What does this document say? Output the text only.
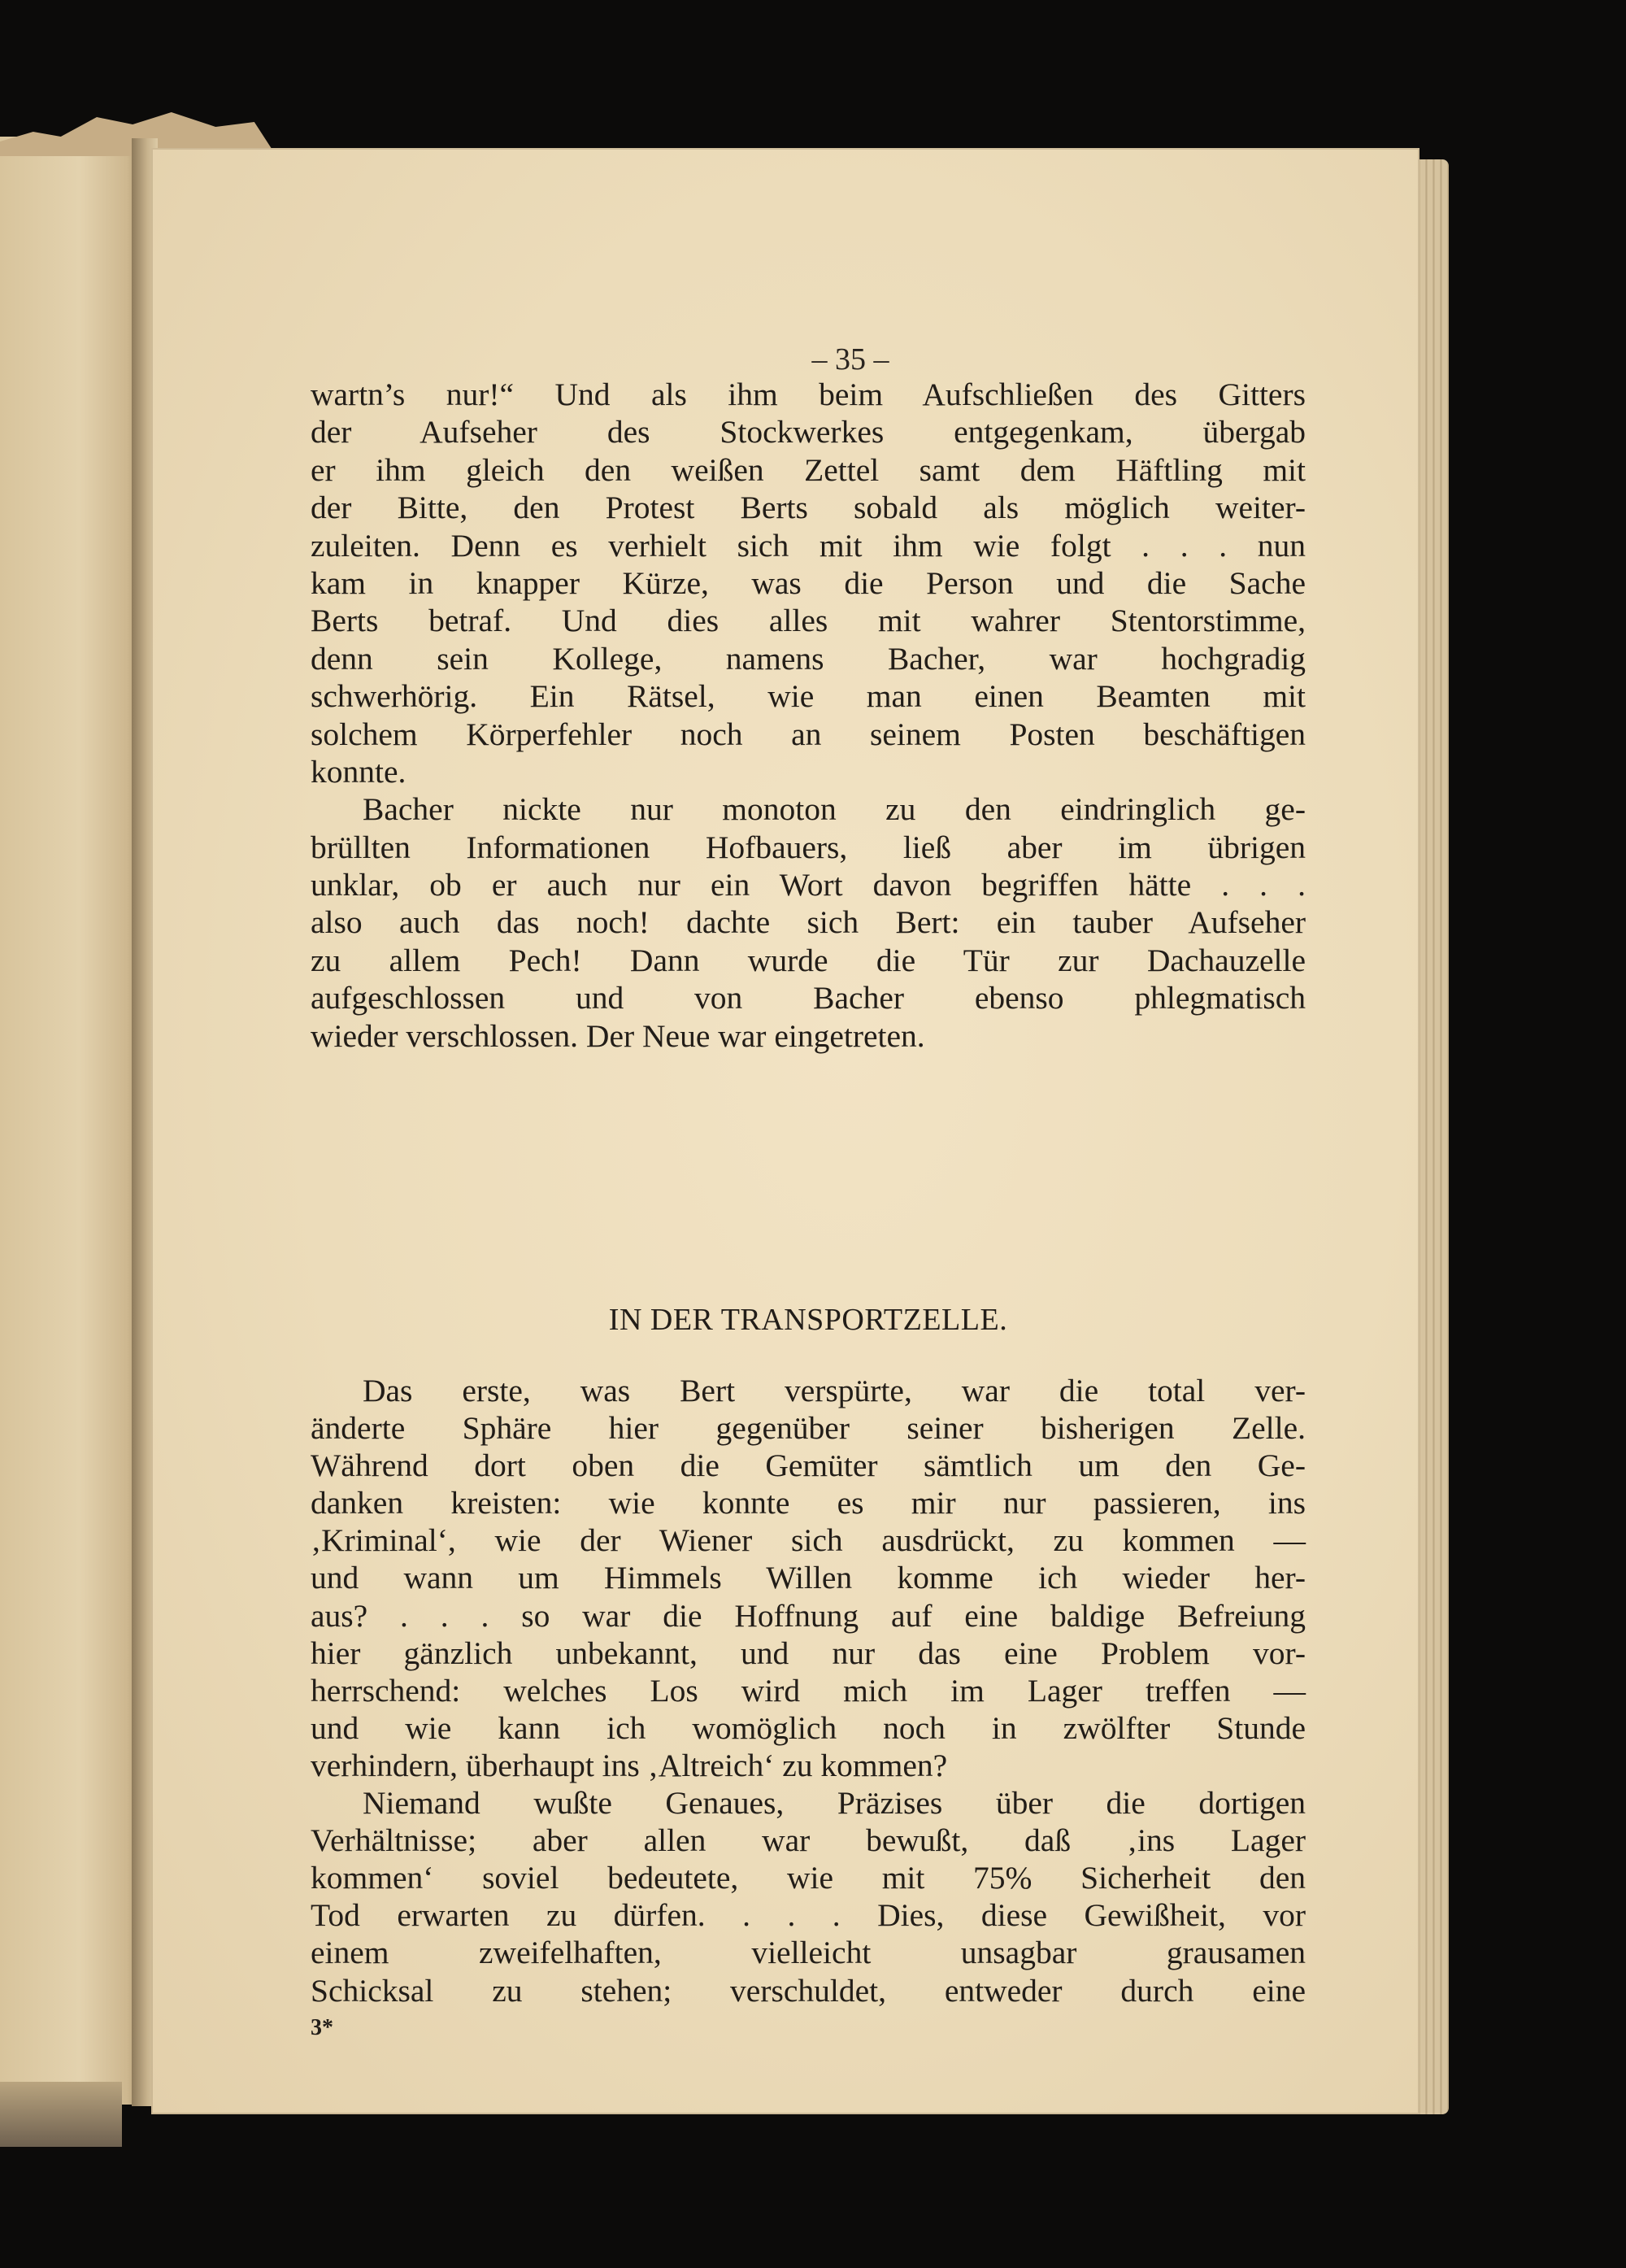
– 35 –
wartn’s nur!“ Und als ihm beim Aufschließen des Gitters
der Aufseher des Stockwerkes entgegenkam, übergab
er ihm gleich den weißen Zettel samt dem Häftling mit
der Bitte, den Protest Berts sobald als möglich weiter-
zuleiten. Denn es verhielt sich mit ihm wie folgt . . . nun
kam in knapper Kürze, was die Person und die Sache
Berts betraf. Und dies alles mit wahrer Stentorstimme,
denn sein Kollege, namens Bacher, war hochgradig
schwerhörig. Ein Rätsel, wie man einen Beamten mit
solchem Körperfehler noch an seinem Posten beschäftigen
konnte.
Bacher nickte nur monoton zu den eindringlich ge-
brüllten Informationen Hofbauers, ließ aber im übrigen
unklar, ob er auch nur ein Wort davon begriffen hätte . . .
also auch das noch! dachte sich Bert: ein tauber Aufseher
zu allem Pech! Dann wurde die Tür zur Dachauzelle
aufgeschlossen und von Bacher ebenso phlegmatisch
wieder verschlossen. Der Neue war eingetreten.
IN DER TRANSPORTZELLE.
Das erste, was Bert verspürte, war die total ver-
änderte Sphäre hier gegenüber seiner bisherigen Zelle.
Während dort oben die Gemüter sämtlich um den Ge-
danken kreisten: wie konnte es mir nur passieren, ins
‚Kriminal‘, wie der Wiener sich ausdrückt, zu kommen —
und wann um Himmels Willen komme ich wieder her-
aus? . . . so war die Hoffnung auf eine baldige Befreiung
hier gänzlich unbekannt, und nur das eine Problem vor-
herrschend: welches Los wird mich im Lager treffen —
und wie kann ich womöglich noch in zwölfter Stunde
verhindern, überhaupt ins ‚Altreich‘ zu kommen?
Niemand wußte Genaues, Präzises über die dortigen
Verhältnisse; aber allen war bewußt, daß ‚ins Lager
kommen‘ soviel bedeutete, wie mit 75% Sicherheit den
Tod erwarten zu dürfen. . . . Dies, diese Gewißheit, vor
einem zweifelhaften, vielleicht unsagbar grausamen
Schicksal zu stehen; verschuldet, entweder durch eine

3*
